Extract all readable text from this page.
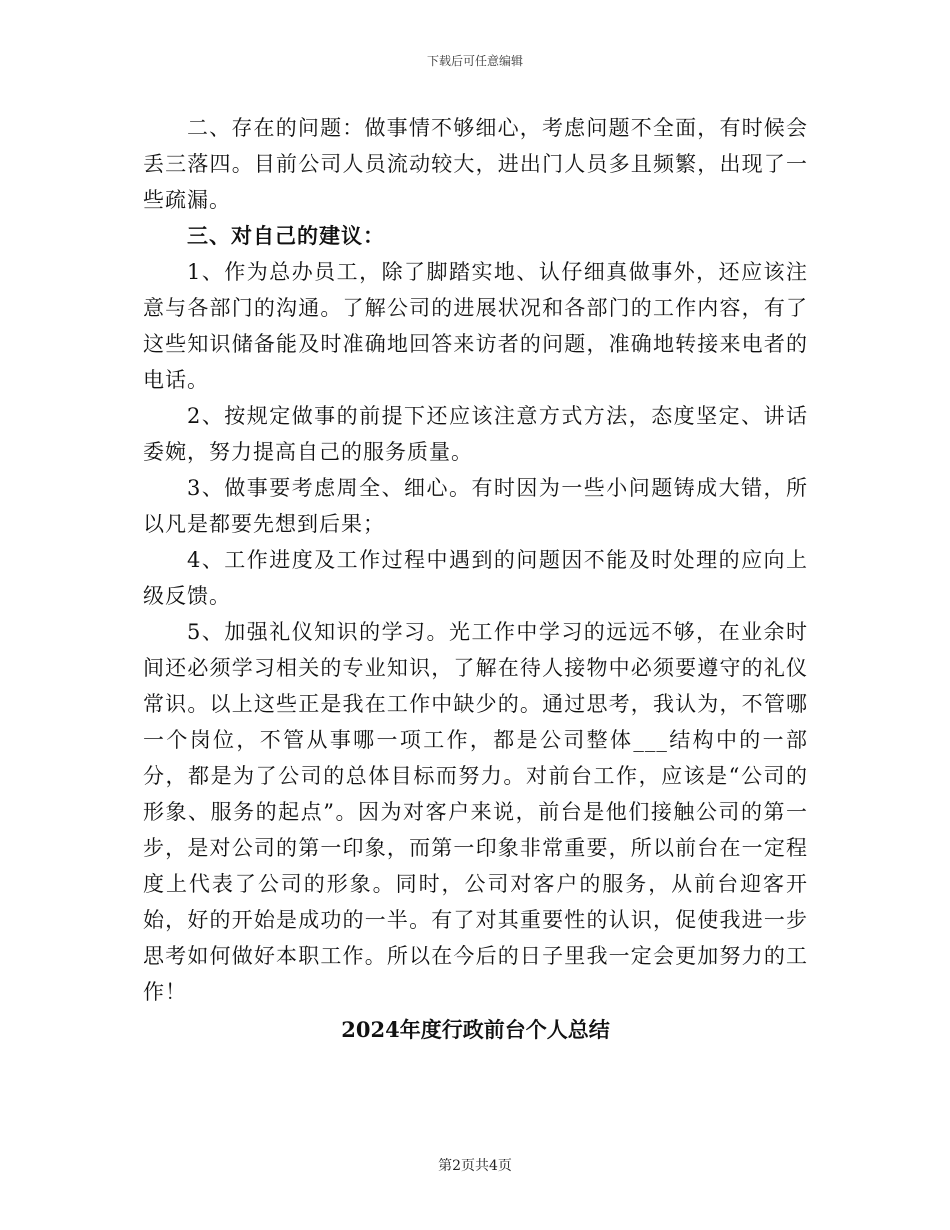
下载后可任意编辑

二、存在的问题：做事情不够细心，考虑问题不全面，有时候会丢三落四。目前公司人员流动较大，进出门人员多且频繁，出现了一些疏漏。

三、对自己的建议：

1、作为总办员工，除了脚踏实地、认仔细真做事外，还应该注意与各部门的沟通。了解公司的进展状况和各部门的工作内容，有了这些知识储备能及时准确地回答来访者的问题，准确地转接来电者的电话。

2、按规定做事的前提下还应该注意方式方法，态度坚定、讲话委婉，努力提高自己的服务质量。

3、做事要考虑周全、细心。有时因为一些小问题铸成大错，所以凡是都要先想到后果；

4、工作进度及工作过程中遇到的问题因不能及时处理的应向上级反馈。

5、加强礼仪知识的学习。光工作中学习的远远不够，在业余时间还必须学习相关的专业知识，了解在待人接物中必须要遵守的礼仪常识。以上这些正是我在工作中缺少的。通过思考，我认为，不管哪一个岗位，不管从事哪一项工作，都是公司整体___结构中的一部分，都是为了公司的总体目标而努力。对前台工作，应该是“公司的形象、服务的起点”。因为对客户来说，前台是他们接触公司的第一步，是对公司的第一印象，而第一印象非常重要，所以前台在一定程度上代表了公司的形象。同时，公司对客户的服务，从前台迎客开始，好的开始是成功的一半。有了对其重要性的认识，促使我进一步思考如何做好本职工作。所以在今后的日子里我一定会更加努力的工作！

2024年度行政前台个人总结

第2页共4页
